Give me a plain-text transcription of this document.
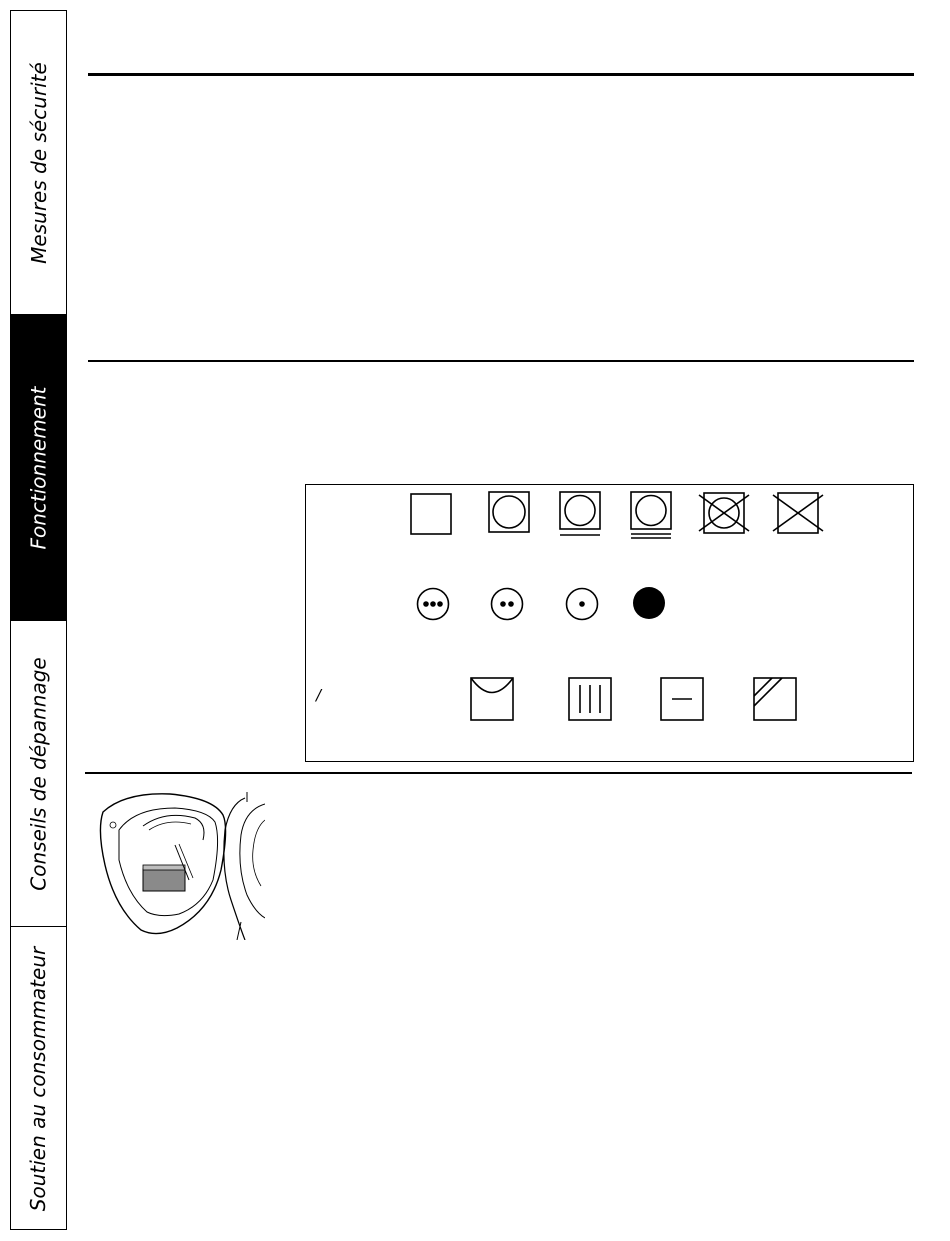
Mesures de sécurité
Fonctionnement
Conseils de dépannage
Soutien au consommateur
/
